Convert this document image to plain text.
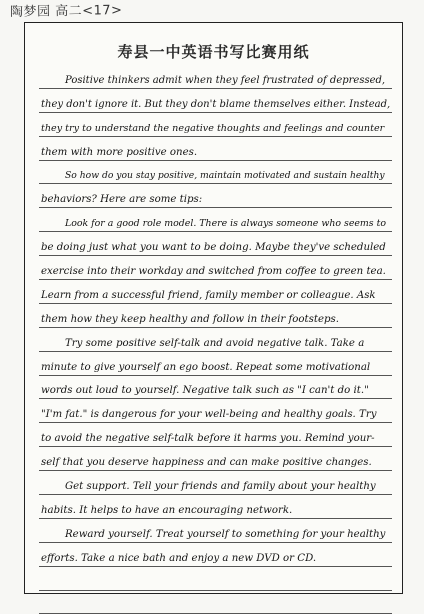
陶梦园 高二<17>
寿县一中英语书写比赛用纸
Positive thinkers admit when they feel frustrated of depressed,
they don't ignore it. But they don't blame themselves either. Instead,
they try to understand the negative thoughts and feelings and counter
them with more positive ones.
So how do you stay positive, maintain motivated and sustain healthy
behaviors? Here are some tips:
Look for a good role model. There is always someone who seems to
be doing just what you want to be doing. Maybe they've scheduled
exercise into their workday and switched from coffee to green tea.
Learn from a successful friend, family member or colleague. Ask
them how they keep healthy and follow in their footsteps.
Try some positive self-talk and avoid negative talk. Take a
minute to give yourself an ego boost. Repeat some motivational
words out loud to yourself. Negative talk such as "I can't do it."
"I'm fat." is dangerous for your well-being and healthy goals. Try
to avoid the negative self-talk before it harms you. Remind your-
self that you deserve happiness and can make positive changes.
Get support. Tell your friends and family about your healthy
habits. It helps to have an encouraging network.
Reward yourself. Treat yourself to something for your healthy
efforts. Take a nice bath and enjoy a new DVD or CD.
